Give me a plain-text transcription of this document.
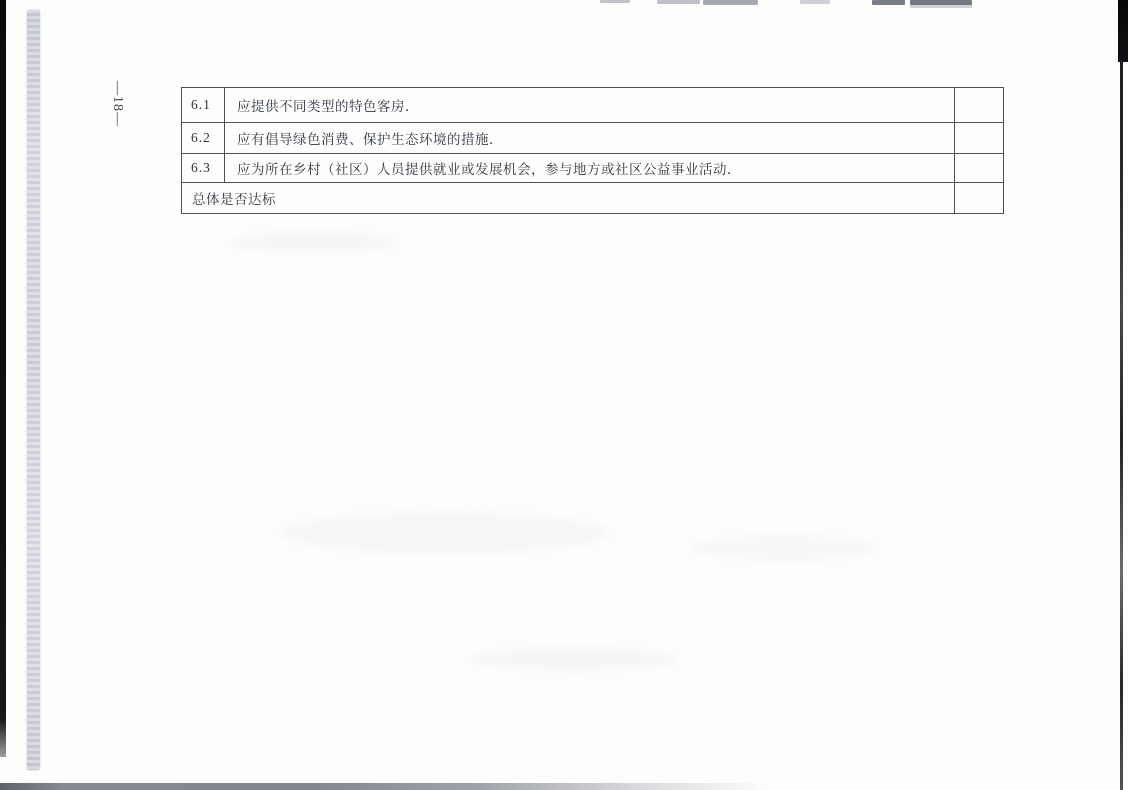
—18—	6.1	应提供不同类型的特色客房．
6.2	应有倡导绿色消费、保护生态环境的措施．
6.3	应为所在乡村（社区）人员提供就业或发展机会，参与地方或社区公益事业活动．
总体是否达标
